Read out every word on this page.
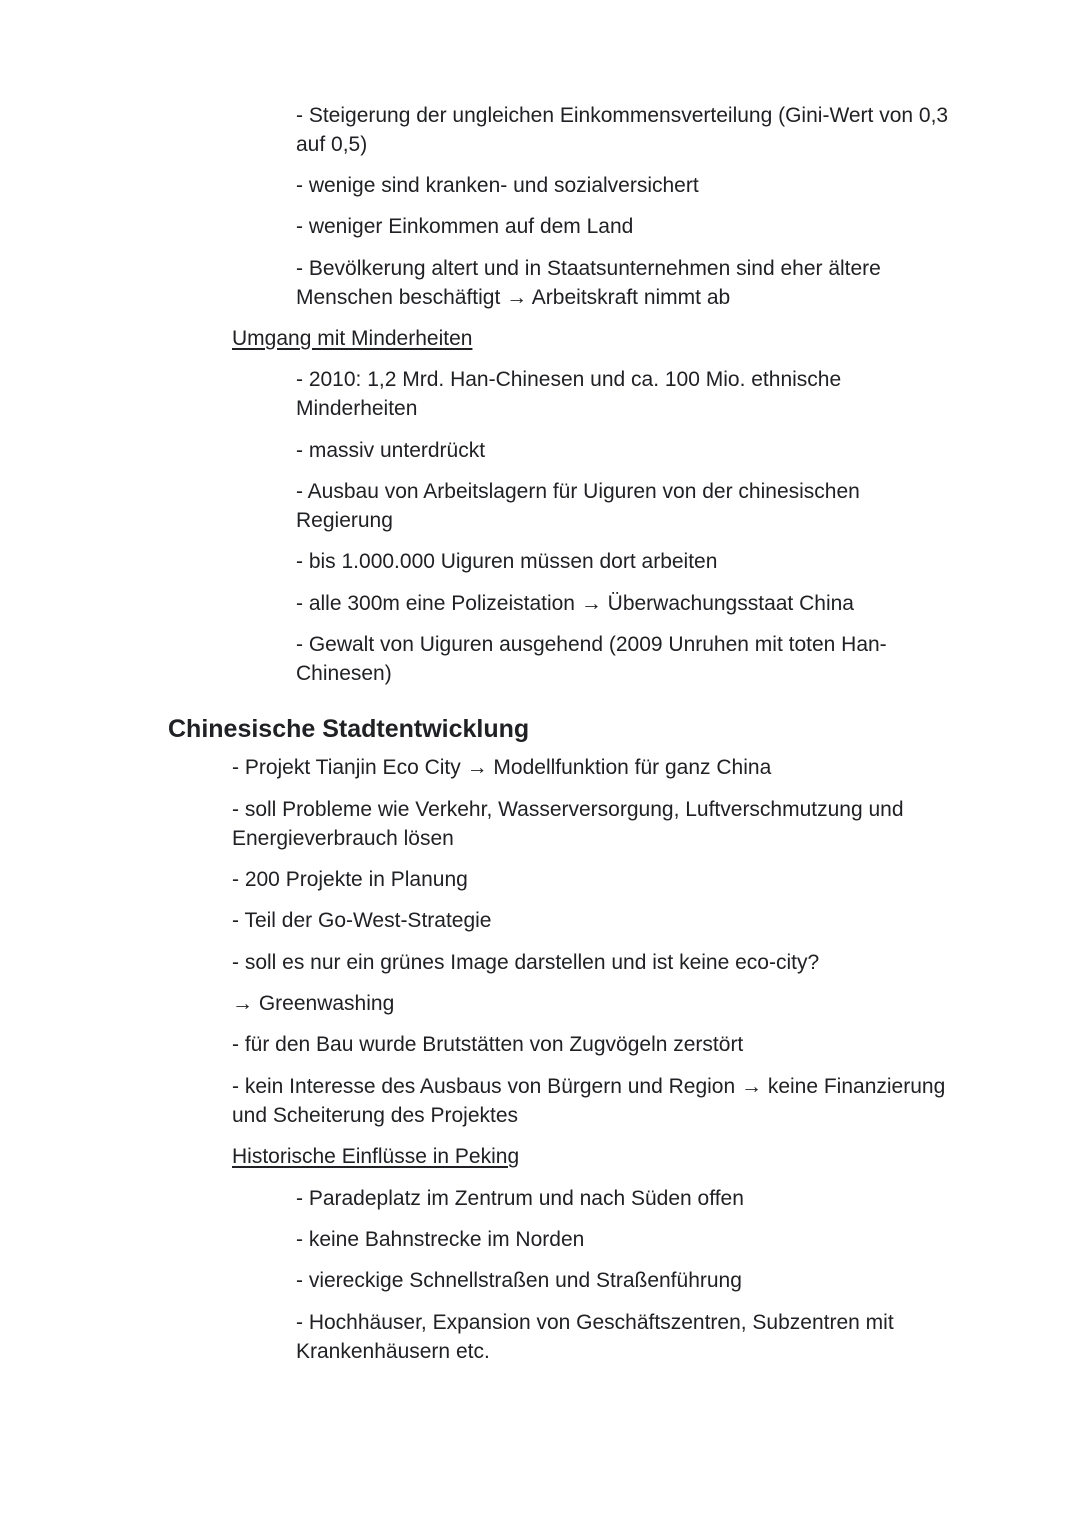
- Steigerung der ungleichen Einkommensverteilung (Gini-Wert von 0,3

auf 0,5)

- wenige sind kranken- und sozialversichert

- weniger Einkommen auf dem Land

- Bevölkerung altert und in Staatsunternehmen sind eher ältere

Menschen beschäftigt → Arbeitskraft nimmt ab

Umgang mit Minderheiten

- 2010: 1,2 Mrd. Han-Chinesen und ca. 100 Mio. ethnische

Minderheiten

- massiv unterdrückt

- Ausbau von Arbeitslagern für Uiguren von der chinesischen

Regierung

- bis 1.000.000 Uiguren müssen dort arbeiten

- alle 300m eine Polizeistation → Überwachungsstaat China

- Gewalt von Uiguren ausgehend (2009 Unruhen mit toten Han-

Chinesen)

Chinesische Stadtentwicklung

- Projekt Tianjin Eco City → Modellfunktion für ganz China

- soll Probleme wie Verkehr, Wasserversorgung, Luftverschmutzung und

Energieverbrauch lösen

- 200 Projekte in Planung

- Teil der Go-West-Strategie

- soll es nur ein grünes Image darstellen und ist keine eco-city?

→ Greenwashing

- für den Bau wurde Brutstätten von Zugvögeln zerstört

- kein Interesse des Ausbaus von Bürgern und Region → keine Finanzierung

und Scheiterung des Projektes

Historische Einflüsse in Peking

- Paradeplatz im Zentrum und nach Süden offen

- keine Bahnstrecke im Norden

- viereckige Schnellstraßen und Straßenführung

- Hochhäuser, Expansion von Geschäftszentren, Subzentren mit

Krankenhäusern etc.
